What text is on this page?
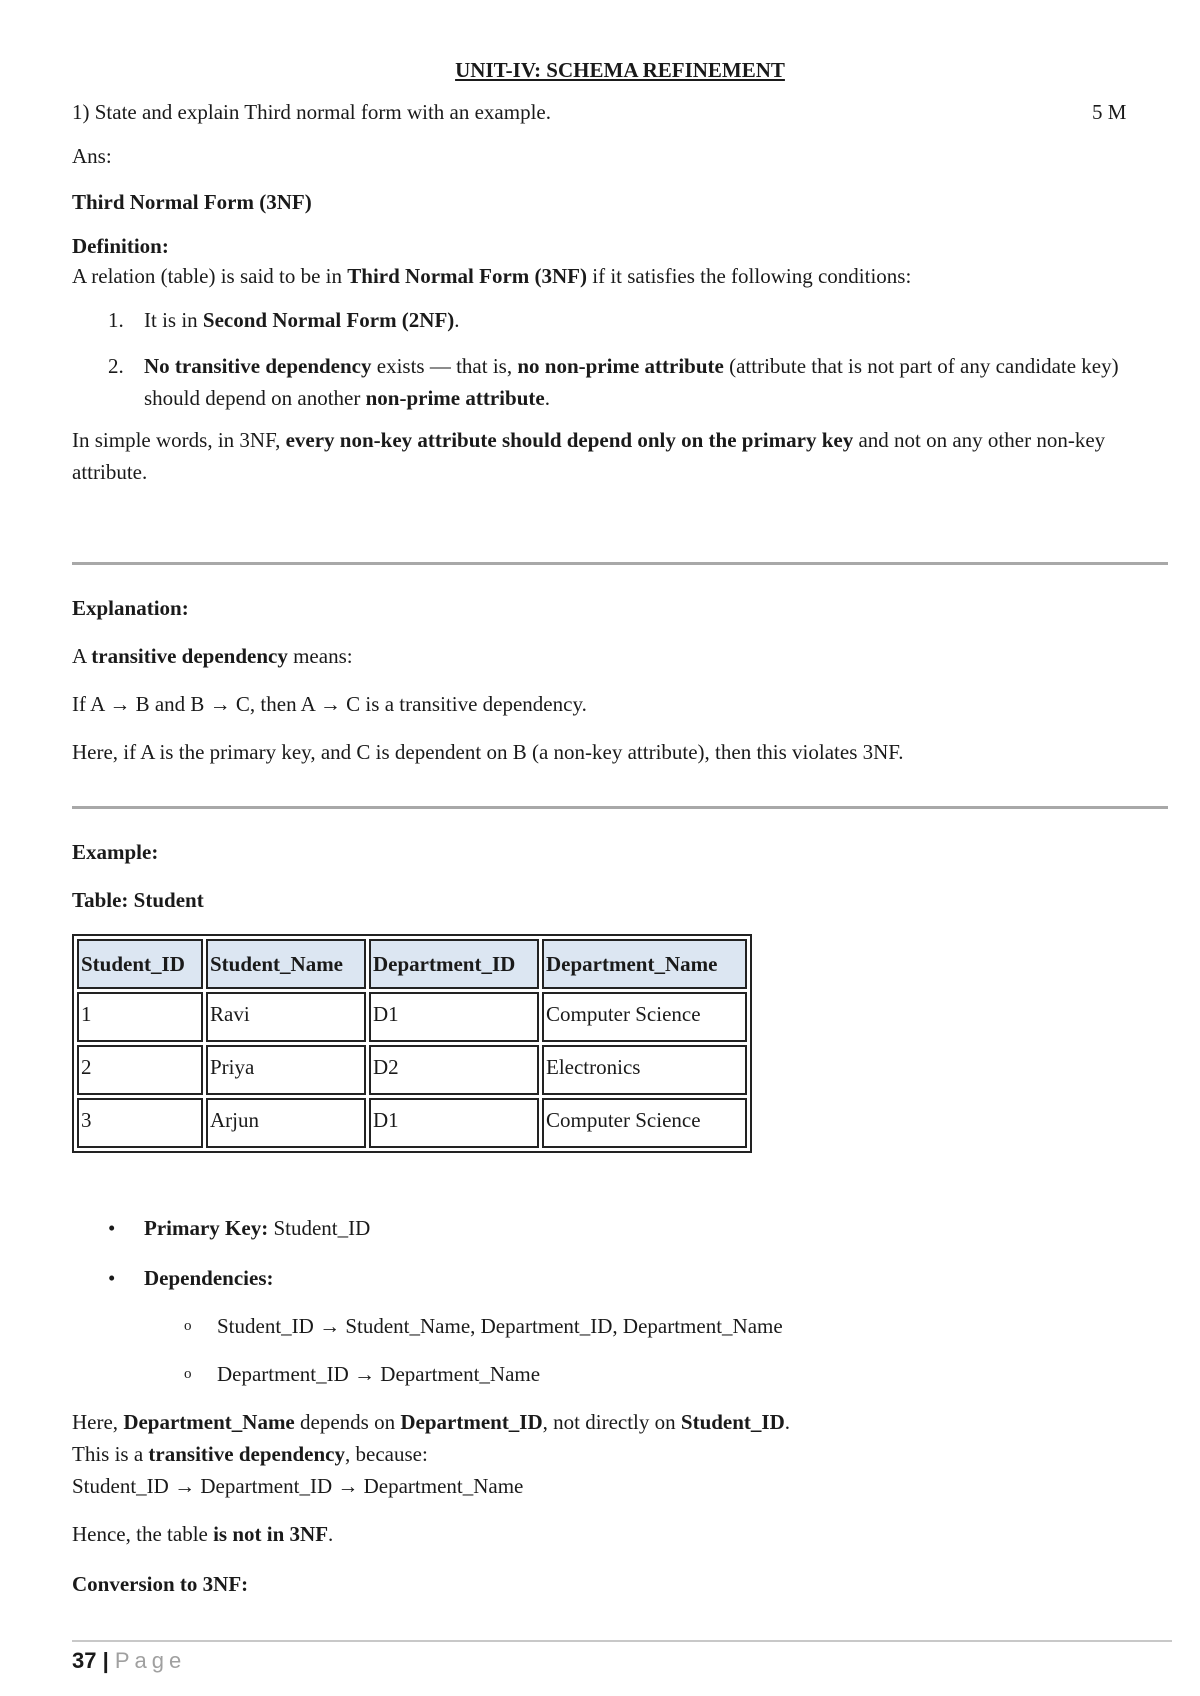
UNIT-IV: SCHEMA REFINEMENT
1) State and explain Third normal form with an example.	5 M
Ans:
Third Normal Form (3NF)
Definition:
A relation (table) is said to be in Third Normal Form (3NF) if it satisfies the following conditions:
1. It is in Second Normal Form (2NF).
2. No transitive dependency exists — that is, no non-prime attribute (attribute that is not part of any candidate key) should depend on another non-prime attribute.
In simple words, in 3NF, every non-key attribute should depend only on the primary key and not on any other non-key attribute.
Explanation:
A transitive dependency means:
If A → B and B → C, then A → C is a transitive dependency.
Here, if A is the primary key, and C is dependent on B (a non-key attribute), then this violates 3NF.
Example:
Table: Student
Student_ID	Student_Name	Department_ID	Department_Name
1	Ravi	D1	Computer Science
2	Priya	D2	Electronics
3	Arjun	D1	Computer Science
• Primary Key: Student_ID
• Dependencies:
o Student_ID → Student_Name, Department_ID, Department_Name
o Department_ID → Department_Name
Here, Department_Name depends on Department_ID, not directly on Student_ID.
This is a transitive dependency, because:
Student_ID → Department_ID → Department_Name
Hence, the table is not in 3NF.
Conversion to 3NF:
37 | Page
